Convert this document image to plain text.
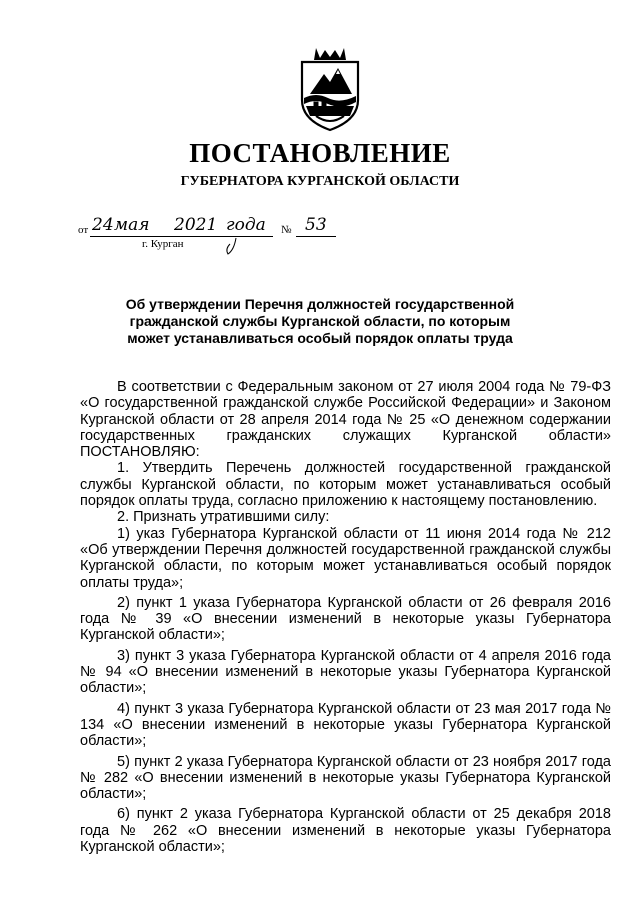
ПОСТАНОВЛЕНИЕ
ГУБЕРНАТОРА КУРГАНСКОЙ ОБЛАСТИ
от 24 мая 2021 года № 53
г. Курган
Об утверждении Перечня должностей государственной
гражданской службы Курганской области, по которым
может устанавливаться особый порядок оплаты труда

В соответствии с Федеральным законом от 27 июля 2004 года № 79-ФЗ «О государственной гражданской службе Российской Федерации» и Законом Курганской области от 28 апреля 2014 года № 25 «О денежном содержании государственных гражданских служащих Курганской области» ПОСТАНОВЛЯЮ:

1. Утвердить Перечень должностей государственной гражданской службы Курганской области, по которым может устанавливаться особый порядок оплаты труда, согласно приложению к настоящему постановлению.

2. Признать утратившими силу:

1) указ Губернатора Курганской области от 11 июня 2014 года № 212 «Об утверждении Перечня должностей государственной гражданской службы Курганской области, по которым может устанавливаться особый порядок оплаты труда»;

2) пункт 1 указа Губернатора Курганской области от 26 февраля 2016 года № 39 «О внесении изменений в некоторые указы Губернатора Курганской области»;

3) пункт 3 указа Губернатора Курганской области от 4 апреля 2016 года № 94 «О внесении изменений в некоторые указы Губернатора Курганской области»;

4) пункт 3 указа Губернатора Курганской области от 23 мая 2017 года № 134 «О внесении изменений в некоторые указы Губернатора Курганской области»;

5) пункт 2 указа Губернатора Курганской области от 23 ноября 2017 года № 282 «О внесении изменений в некоторые указы Губернатора Курганской области»;

6) пункт 2 указа Губернатора Курганской области от 25 декабря 2018 года № 262 «О внесении изменений в некоторые указы Губернатора Курганской области»;
